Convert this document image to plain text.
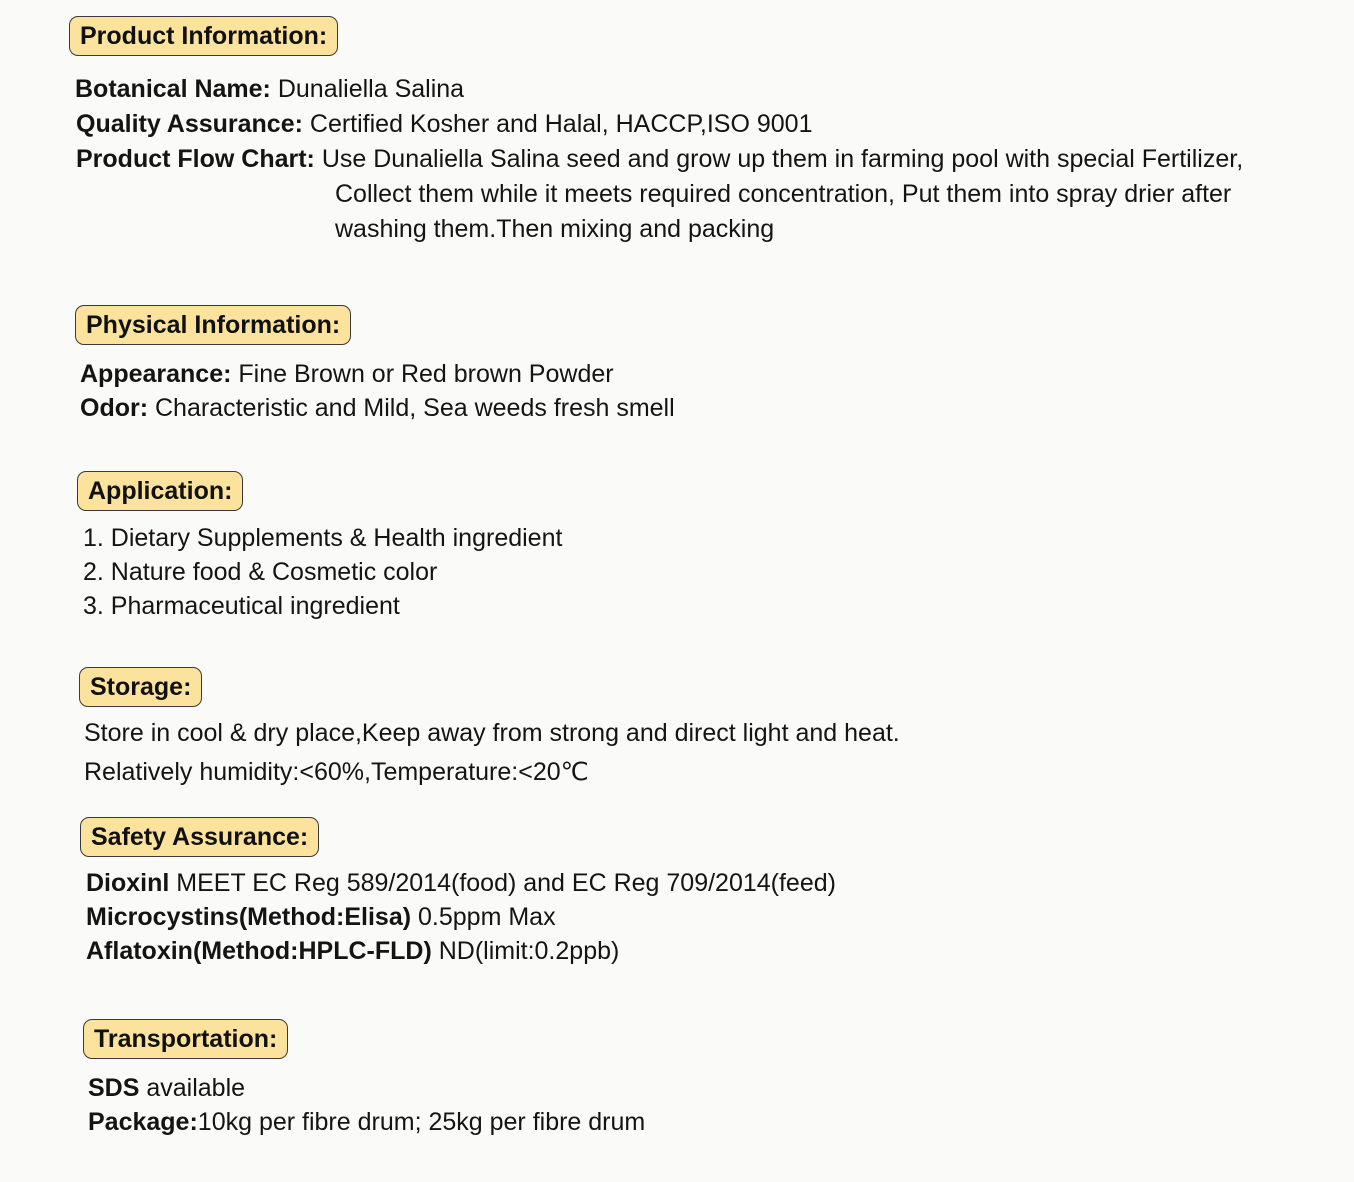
Product Information:
Botanical Name: Dunaliella Salina
Quality Assurance: Certified Kosher and Halal, HACCP,ISO 9001
Product Flow Chart: Use Dunaliella Salina seed and grow up them in farming pool with special Fertilizer,
Collect them while it meets required concentration, Put them into spray drier after
washing them.Then mixing and packing
Physical Information:
Appearance: Fine Brown or Red brown Powder
Odor: Characteristic and Mild, Sea weeds fresh smell
Application:
1. Dietary Supplements & Health ingredient
2. Nature food & Cosmetic color
3. Pharmaceutical ingredient
Storage:
Store in cool & dry place,Keep away from strong and direct light and heat.
Relatively humidity:<60%,Temperature:<20℃
Safety Assurance:
Dioxinl MEET EC Reg 589/2014(food) and EC Reg 709/2014(feed)
Microcystins(Method:Elisa) 0.5ppm Max
Aflatoxin(Method:HPLC-FLD) ND(limit:0.2ppb)
Transportation:
SDS available
Package:10kg per fibre drum; 25kg per fibre drum
